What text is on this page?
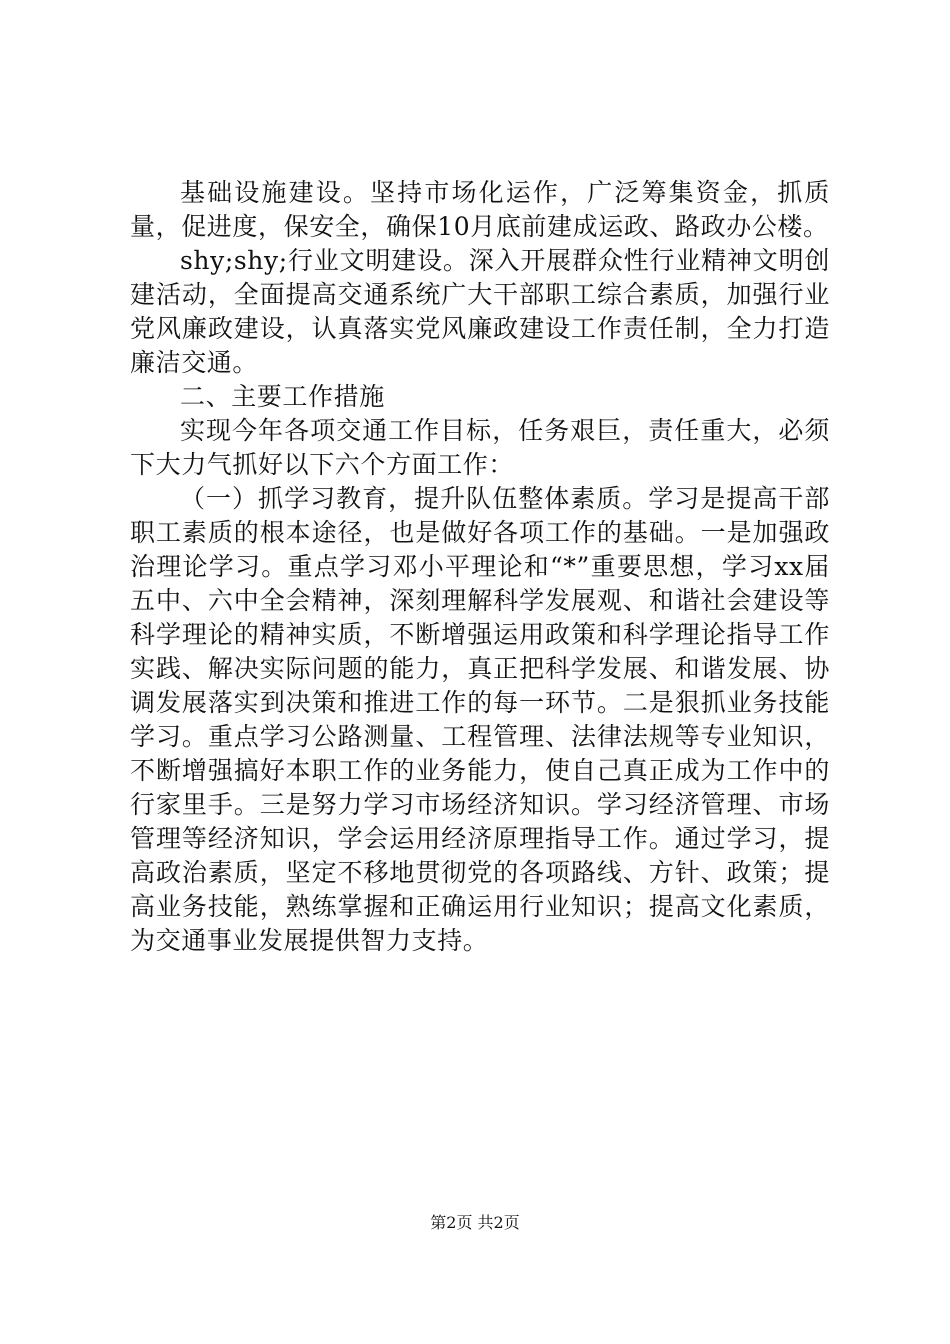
基础设施建设。坚持市场化运作，广泛筹集资金，抓质量，促进度，保安全，确保10月底前建成运政、路政办公楼。

shy;shy;行业文明建设。深入开展群众性行业精神文明创建活动，全面提高交通系统广大干部职工综合素质，加强行业党风廉政建设，认真落实党风廉政建设工作责任制，全力打造廉洁交通。

二、主要工作措施

实现今年各项交通工作目标，任务艰巨，责任重大，必须下大力气抓好以下六个方面工作：

（一）抓学习教育，提升队伍整体素质。学习是提高干部职工素质的根本途径，也是做好各项工作的基础。一是加强政治理论学习。重点学习邓小平理论和“*”重要思想，学习xx届五中、六中全会精神，深刻理解科学发展观、和谐社会建设等科学理论的精神实质，不断增强运用政策和科学理论指导工作实践、解决实际问题的能力，真正把科学发展、和谐发展、协调发展落实到决策和推进工作的每一环节。二是狠抓业务技能学习。重点学习公路测量、工程管理、法律法规等专业知识，不断增强搞好本职工作的业务能力，使自己真正成为工作中的行家里手。三是努力学习市场经济知识。学习经济管理、市场管理等经济知识，学会运用经济原理指导工作。通过学习，提高政治素质，坚定不移地贯彻党的各项路线、方针、政策；提高业务技能，熟练掌握和正确运用行业知识；提高文化素质，为交通事业发展提供智力支持。

第2页 共2页
